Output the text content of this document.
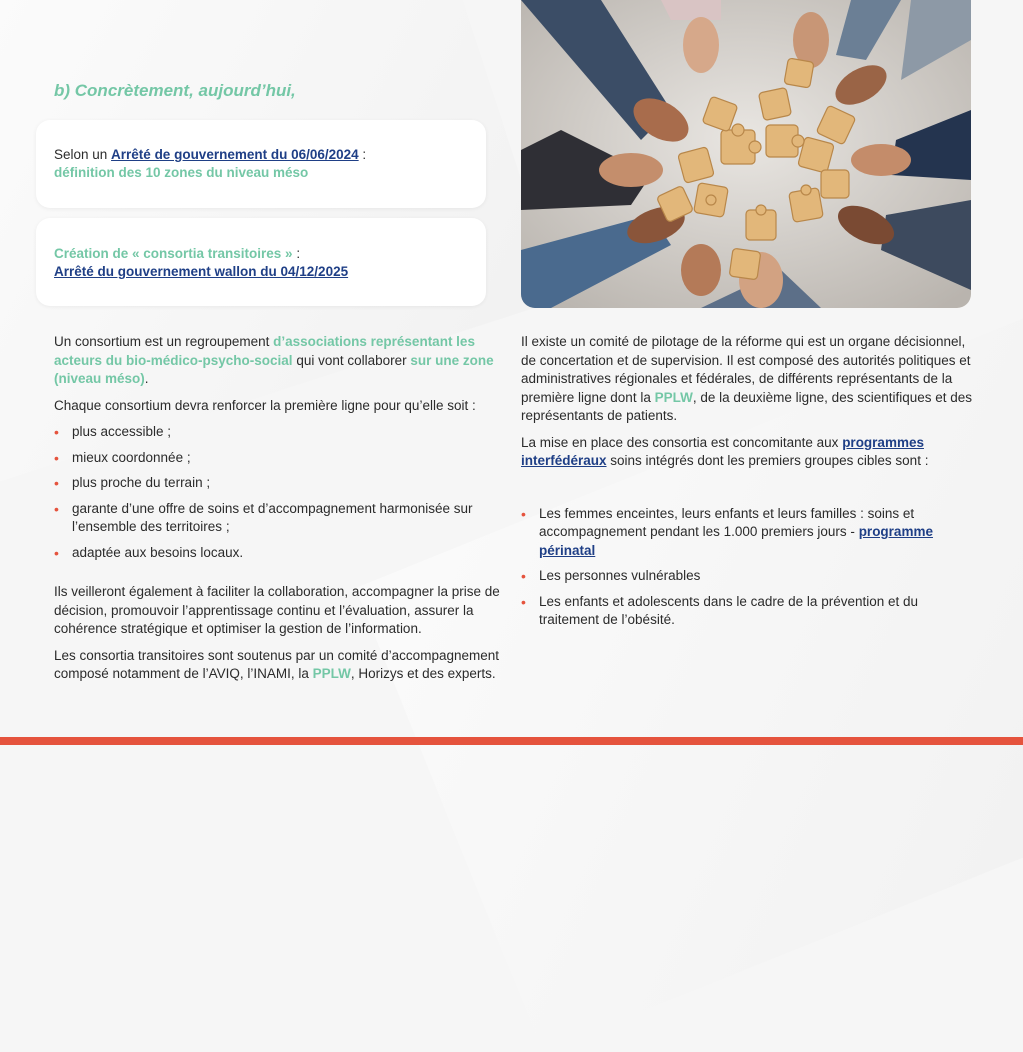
b) Concrètement, aujourd’hui,
Selon un Arrêté de gouvernement du 06/06/2024 :
définition des 10 zones du niveau méso
Création de « consortia transitoires » :
Arrêté du gouvernement wallon du 04/12/2025

Un consortium est un regroupement d’associations représentant les acteurs du bio-médico-psycho-social qui vont collaborer sur une zone (niveau méso).

Chaque consortium devra renforcer la première ligne pour qu’elle soit :

• plus accessible ;
• mieux coordonnée ;
• plus proche du terrain ;
• garante d’une offre de soins et d’accompagnement harmonisée sur l’ensemble des territoires ;
• adaptée aux besoins locaux.

Ils veilleront également à faciliter la collaboration, accompagner la prise de décision, promouvoir l’apprentissage continu et l’évaluation, assurer la cohérence stratégique et optimiser la gestion de l’information.

Les consortia transitoires sont soutenus par un comité d’accompagnement composé notamment de l’AVIQ, l’INAMI, la PPLW, Horizys et des experts.

Il existe un comité de pilotage de la réforme qui est un organe décisionnel, de concertation et de supervision. Il est composé des autorités politiques et administratives régionales et fédérales, de différents représentants de la première ligne dont la PPLW, de la deuxième ligne, des scientifiques et des représentants de patients.

La mise en place des consortia est concomitante aux programmes interfédéraux soins intégrés dont les premiers groupes cibles sont :

• Les femmes enceintes, leurs enfants et leurs familles : soins et accompagnement pendant les 1.000 premiers jours - programme périnatal
• Les personnes vulnérables
• Les enfants et adolescents dans le cadre de la prévention et du traitement de l’obésité.
